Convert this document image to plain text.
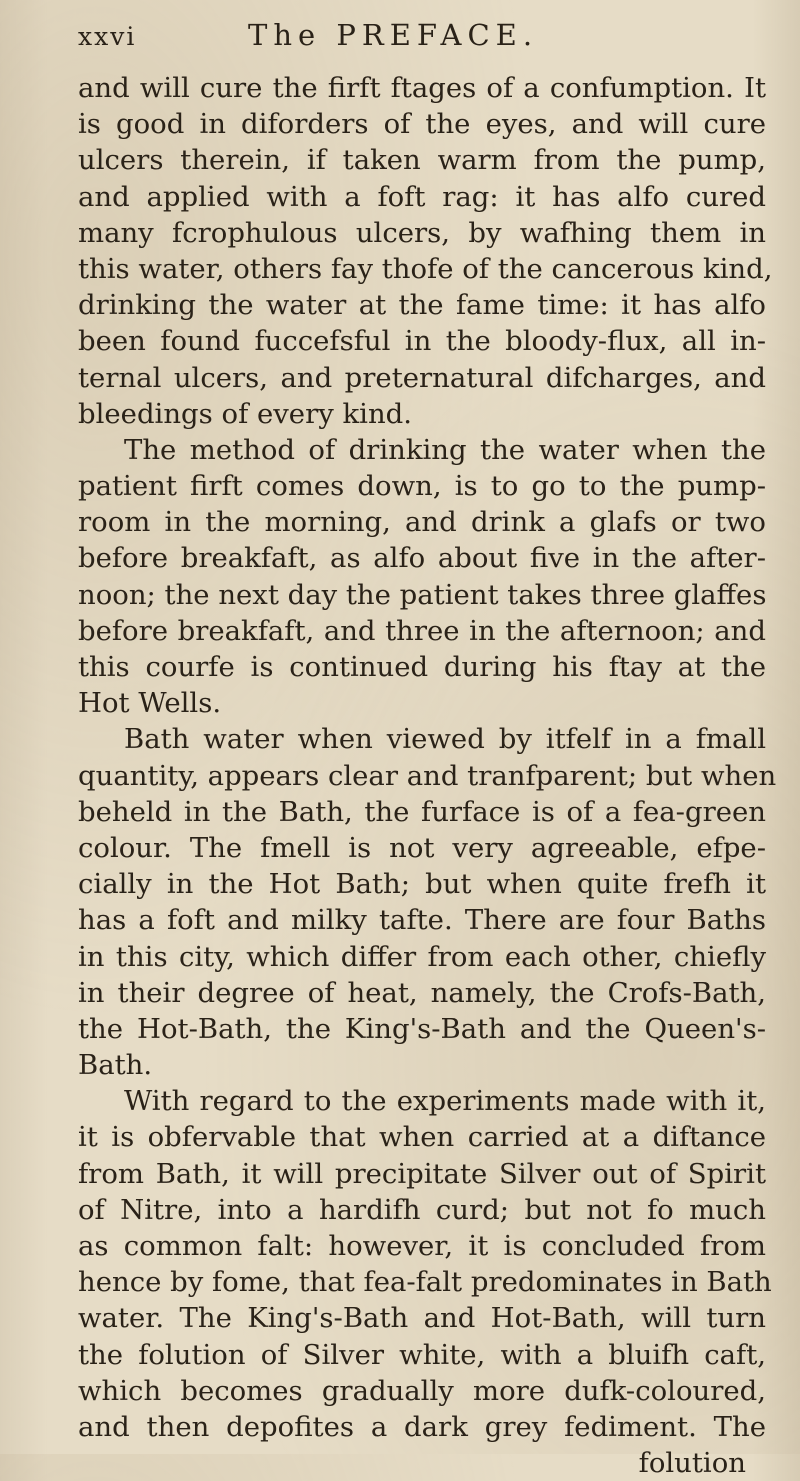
xxvi	The PREFACE.
and will cure the firft ftages of a confumption. It
is good in diforders of the eyes, and will cure
ulcers therein, if taken warm from the pump,
and applied with a foft rag: it has alfo cured
many fcrophulous ulcers, by wafhing them in
this water, others fay thofe of the cancerous kind,
drinking the water at the fame time: it has alfo
been found fuccefsful in the bloody-flux, all in-
ternal ulcers, and preternatural difcharges, and
bleedings of every kind.
The method of drinking the water when the
patient firft comes down, is to go to the pump-
room in the morning, and drink a glafs or two
before breakfaft, as alfo about five in the after-
noon; the next day the patient takes three glaffes
before breakfaft, and three in the afternoon; and
this courfe is continued during his ftay at the
Hot Wells.
Bath water when viewed by itfelf in a fmall
quantity, appears clear and tranfparent; but when
beheld in the Bath, the furface is of a fea-green
colour. The fmell is not very agreeable, efpe-
cially in the Hot Bath; but when quite frefh it
has a foft and milky tafte. There are four Baths
in this city, which differ from each other, chiefly
in their degree of heat, namely, the Crofs-Bath,
the Hot-Bath, the King's-Bath and the Queen's-
Bath.
With regard to the experiments made with it,
it is obfervable that when carried at a diftance
from Bath, it will precipitate Silver out of Spirit
of Nitre, into a hardifh curd; but not fo much
as common falt: however, it is concluded from
hence by fome, that fea-falt predominates in Bath
water. The King's-Bath and Hot-Bath, will turn
the folution of Silver white, with a bluifh caft,
which becomes gradually more dufk-coloured,
and then depofites a dark grey fediment. The
folution
